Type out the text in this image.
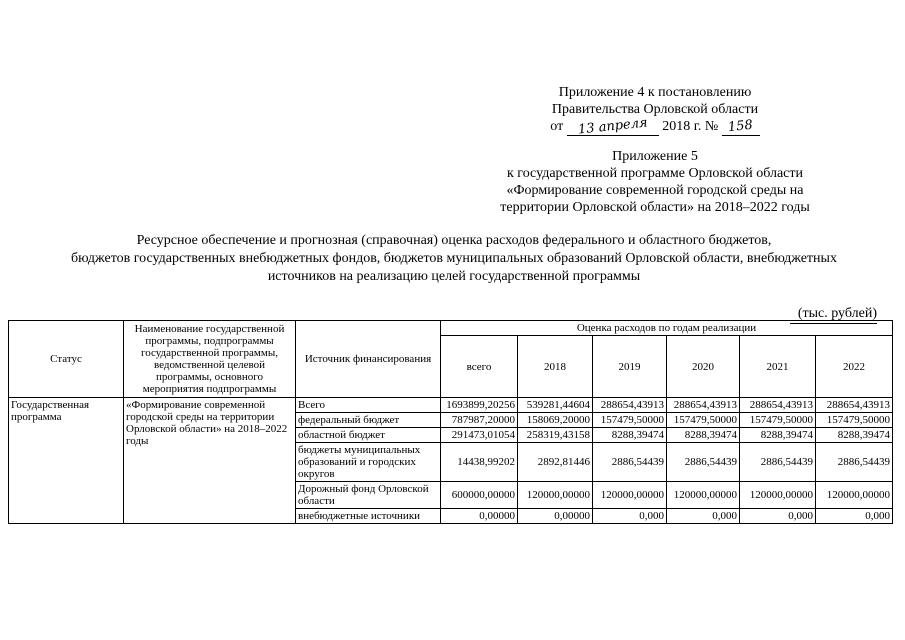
Приложение 4 к постановлению
Правительства Орловской области
от 13 апреля 2018 г. № 158
Приложение 5
к государственной программе Орловской области
«Формирование современной городской среды на
территории Орловской области» на 2018–2022 годы
Ресурсное обеспечение и прогнозная (справочная) оценка расходов федерального и областного бюджетов,
бюджетов государственных внебюджетных фондов, бюджетов муниципальных образований Орловской области, внебюджетных
источников на реализацию целей государственной программы
(тыс. рублей)
Статус	Наименование государственной программы, подпрограммы государственной программы, ведомственной целевой программы, основного мероприятия подпрограммы	Источник финансирования	Оценка расходов по годам реализации					
			всего	2018	2019	2020	2021	2022
Государственная программа	«Формирование современной городской среды на территории Орловской области» на 2018–2022 годы	Всего	1693899,20256	539281,44604	288654,43913	288654,43913	288654,43913	288654,43913
		федеральный бюджет	787987,20000	158069,20000	157479,50000	157479,50000	157479,50000	157479,50000
		областной бюджет	291473,01054	258319,43158	8288,39474	8288,39474	8288,39474	8288,39474
		бюджеты муниципальных образований и городских округов	14438,99202	2892,81446	2886,54439	2886,54439	2886,54439	2886,54439
		Дорожный фонд Орловской области	600000,00000	120000,00000	120000,00000	120000,00000	120000,00000	120000,00000
		внебюджетные источники	0,00000	0,00000	0,000	0,000	0,000	0,000
